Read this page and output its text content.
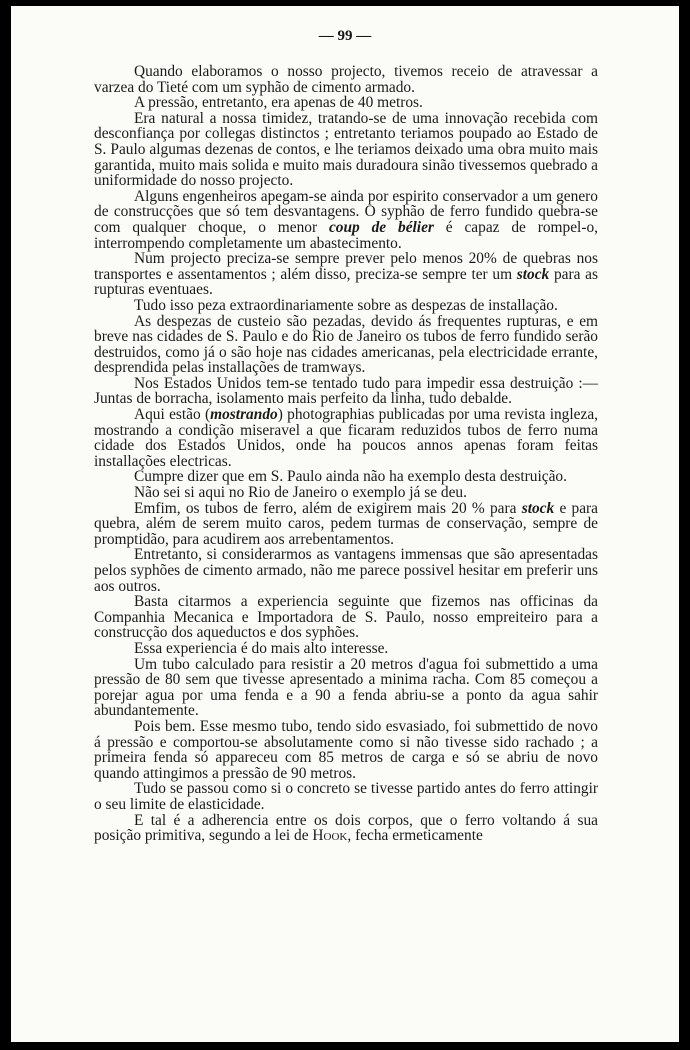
— 99 —

Quando elaboramos o nosso projecto, tivemos receio de atravessar a varzea do Tieté com um syphão de cimento armado.

A pressão, entretanto, era apenas de 40 metros.

Era natural a nossa timidez, tratando-se de uma innovação recebida com desconfiança por collegas distinctos ; entretanto teriamos poupado ao Estado de S. Paulo algumas dezenas de contos, e lhe teriamos deixado uma obra muito mais garantida, muito mais solida e muito mais duradoura sinão tivessemos quebrado a uniformidade do nosso projecto.

Alguns engenheiros apegam-se ainda por espirito conservador a um genero de construcções que só tem desvantagens. O syphão de ferro fundido quebra-se com qualquer choque, o menor coup de bélier é capaz de rompel-o, interrompendo completamente um abastecimento.

Num projecto preciza-se sempre prever pelo menos 20% de quebras nos transportes e assentamentos ; além disso, preciza-se sempre ter um stock para as rupturas eventuaes.

Tudo isso peza extraordinariamente sobre as despezas de installação.

As despezas de custeio são pezadas, devido ás frequentes rupturas, e em breve nas cidades de S. Paulo e do Rio de Janeiro os tubos de ferro fundido serão destruidos, como já o são hoje nas cidades americanas, pela electricidade errante, desprendida pelas installações de tramways.

Nos Estados Unidos tem-se tentado tudo para impedir essa destruição :— Juntas de borracha, isolamento mais perfeito da linha, tudo debalde.

Aqui estão (mostrando) photographias publicadas por uma revista ingleza, mostrando a condição miseravel a que ficaram reduzidos tubos de ferro numa cidade dos Estados Unidos, onde ha poucos annos apenas foram feitas installações electricas.

Cumpre dizer que em S. Paulo ainda não ha exemplo desta destruição.

Não sei si aqui no Rio de Janeiro o exemplo já se deu.

Emfim, os tubos de ferro, além de exigirem mais 20 % para stock e para quebra, além de serem muito caros, pedem turmas de conservação, sempre de promptidão, para acudirem aos arrebentamentos.

Entretanto, si considerarmos as vantagens immensas que são apresentadas pelos syphões de cimento armado, não me parece possivel hesitar em preferir uns aos outros.

Basta citarmos a experiencia seguinte que fizemos nas officinas da Companhia Mecanica e Importadora de S. Paulo, nosso empreiteiro para a construcção dos aqueductos e dos syphões.

Essa experiencia é do mais alto interesse.

Um tubo calculado para resistir a 20 metros d'agua foi submettido a uma pressão de 80 sem que tivesse apresentado a minima racha. Com 85 começou a porejar agua por uma fenda e a 90 a fenda abriu-se a ponto da agua sahir abundantemente.

Pois bem. Esse mesmo tubo, tendo sido esvasiado, foi submettido de novo á pressão e comportou-se absolutamente como si não tivesse sido rachado ; a primeira fenda só appareceu com 85 metros de carga e só se abriu de novo quando attingimos a pressão de 90 metros.

Tudo se passou como si o concreto se tivesse partido antes do ferro attingir o seu limite de elasticidade.

E tal é a adherencia entre os dois corpos, que o ferro voltando á sua posição primitiva, segundo a lei de Hook, fecha ermeticamente
